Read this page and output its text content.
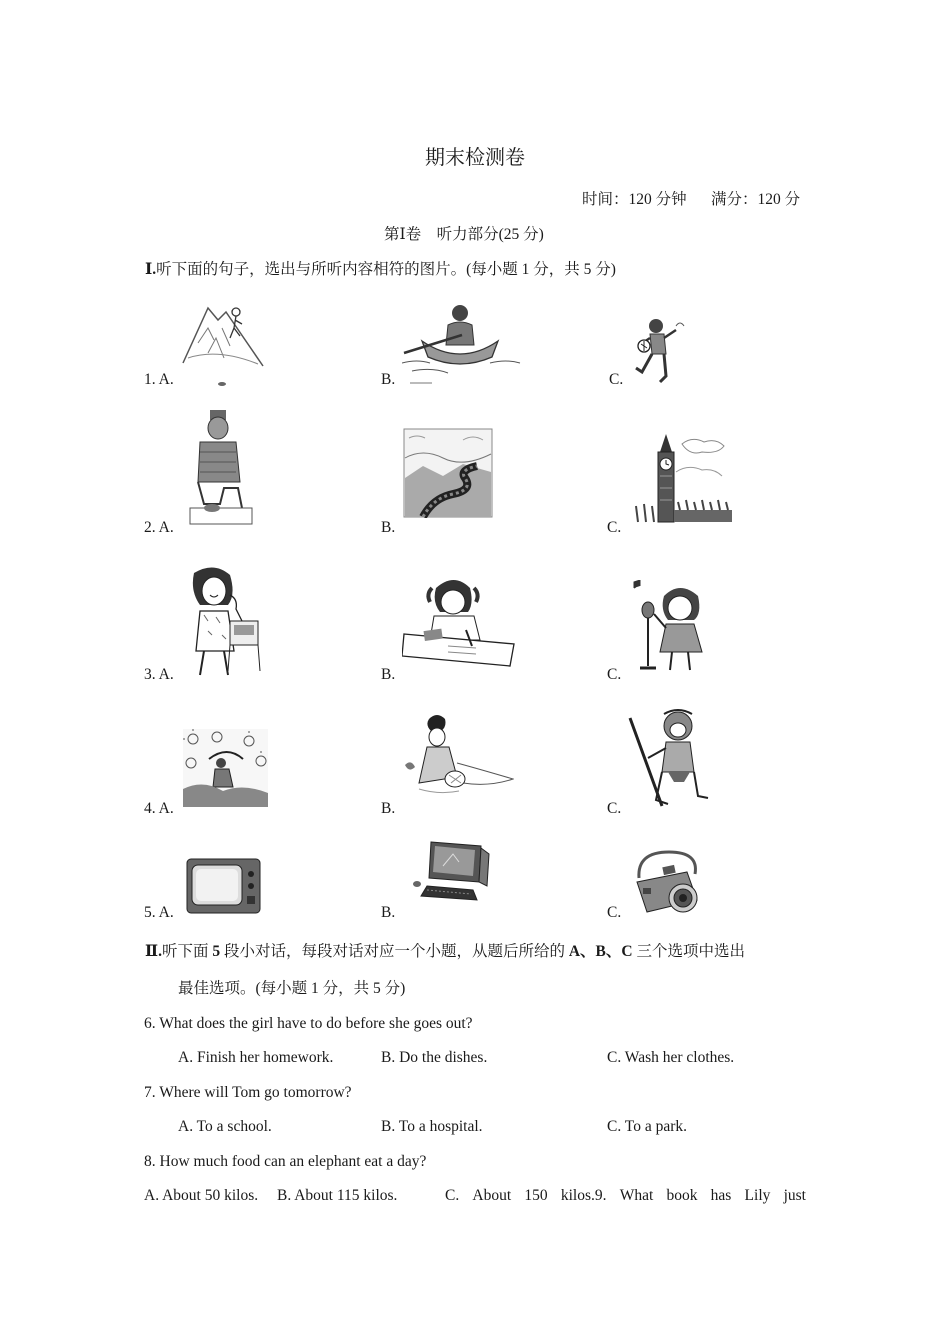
期末检测卷
时间：120 分钟 满分：120 分
第Ⅰ卷　听力部分(25 分)
Ⅰ.听下面的句子，选出与所听内容相符的图片。(每小题 1 分，共 5 分)
1. A.	B.	C.
2. A.	B.	C.
3. A.	B.	C.
4. A.	B.	C.
5. A.	B.	C.
Ⅱ.听下面 5 段小对话，每段对话对应一个小题，从题后所给的 A、B、C 三个选项中选出
最佳选项。(每小题 1 分，共 5 分)
6. What does the girl have to do before she goes out?
A. Finish her homework.	B. Do the dishes.	C. Wash her clothes.
7. Where will Tom go tomorrow?
A. To a school.	B. To a hospital.	C. To a park.
8. How much food can an elephant eat a day?
A. About 50 kilos. B. About 115 kilos.	C. About 150 kilos.9. What book has Lily just
